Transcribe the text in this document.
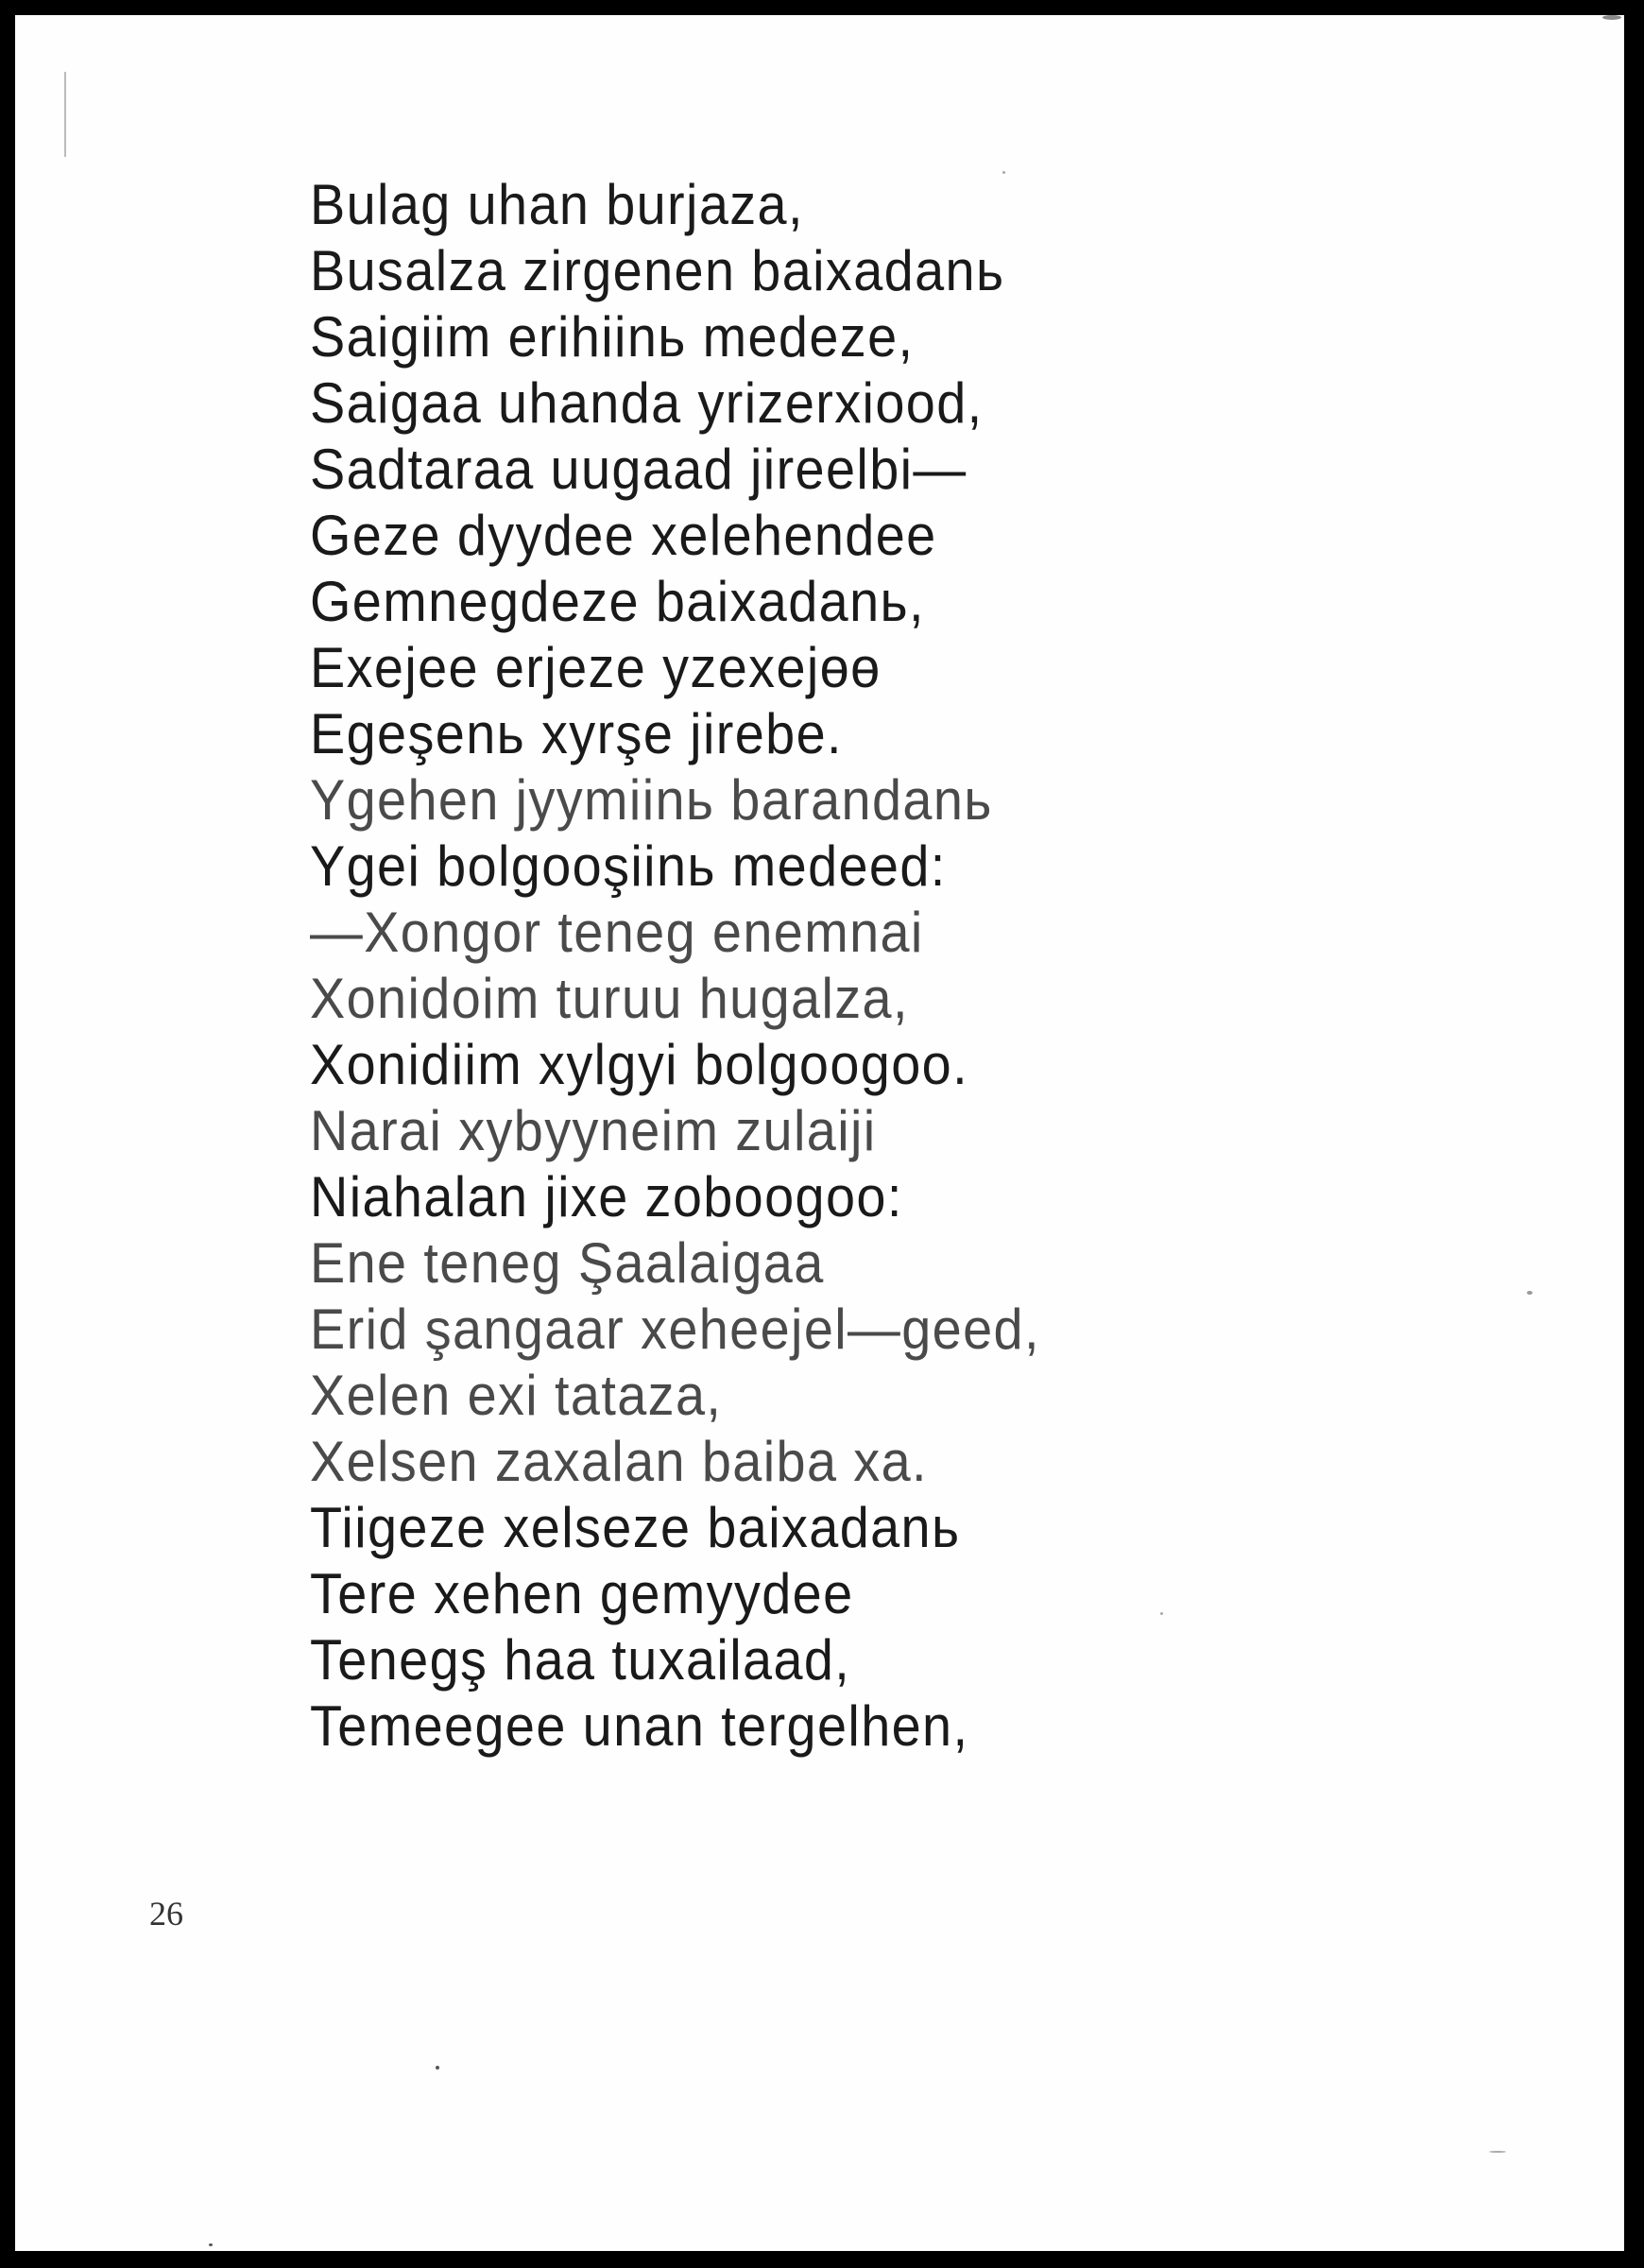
Bulag uhan burjaza,
Busalza zirgenen baixadanь
Saigiim erihiinь medeze,
Saigaa uhanda yrizerxiood,
Sadtaraa uugaad jireelbi—
Geze dyydee xelehendee
Gemnegdeze baixadanь,
Exejee erjeze yzexejөө
Egeşenь xyrşe jirebe.
Ygehen jyymiinь barandanь
Ygei bolgooşiinь medeed:
—Xongor teneg enemnai
Xonidoim turuu hugalza,
Xonidiim xylgyi bolgoogoo.
Narai xybyyneim zulaiji
Niahalan jixe zoboogoo:
Ene teneg Şaalaigaa
Erid şangaar xeheejel—geed,
Xelen exi tataza,
Xelsen zaxalan baiba xa.
Tiigeze xelseze baixadanь
Tere xehen gemyydee
Tenegş haa tuxailaad,
Temeegee unan tergelhen,
26
